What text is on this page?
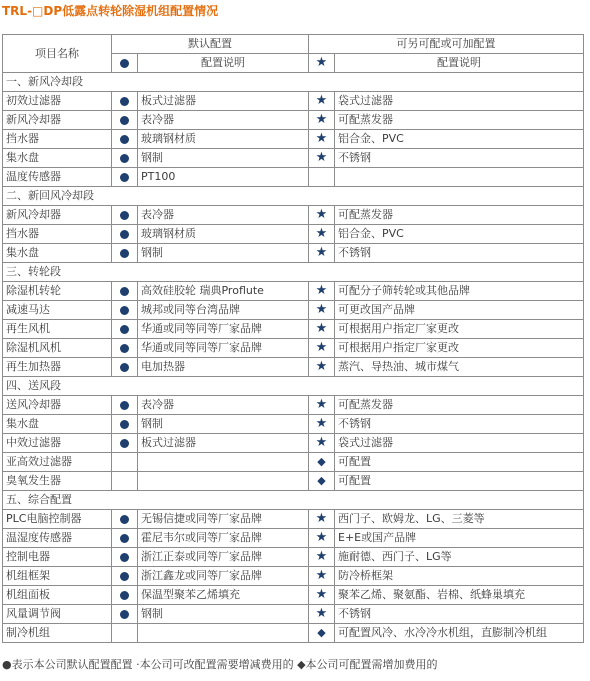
TRL-□DP低露点转轮除湿机组配置情况
项目名称	默认配置		可另可配或可加配置	
		配置说明	★	配置说明
一、新风冷却段				
初效过滤器		板式过滤器	★	袋式过滤器
新风冷却器		表冷器	★	可配蒸发器
挡水器		玻璃钢材质	★	铝合金、PVC
集水盘		钢制	★	不锈钢
温度传感器		PT100		
二、新回风冷却段				
新风冷却器		表冷器	★	可配蒸发器
挡水器		玻璃钢材质	★	铝合金、PVC
集水盘		钢制	★	不锈钢
三、转轮段				
除湿机转轮		高效硅胶轮 瑞典Proflute	★	可配分子筛转轮或其他品牌
减速马达		城邦或同等台湾品牌	★	可更改国产品牌
再生风机		华通或同等同等厂家品牌	★	可根据用户指定厂家更改
除湿机风机		华通或同等同等厂家品牌	★	可根据用户指定厂家更改
再生加热器		电加热器	★	蒸汽、导热油、城市煤气
四、送风段				
送风冷却器		表冷器	★	可配蒸发器
集水盘		钢制	★	不锈钢
中效过滤器		板式过滤器	★	袋式过滤器
亚高效过滤器			◆	可配置
臭氧发生器			◆	可配置
五、综合配置				
PLC电脑控制器		无锡信捷或同等厂家品牌	★	西门子、欧姆龙、LG、三菱等
温湿度传感器		霍尼韦尔或同等厂家品牌	★	E+E或国产品牌
控制电器		浙江正泰或同等厂家品牌	★	施耐德、西门子、LG等
机组框架		浙江鑫龙或同等厂家品牌	★	防冷桥框架
机组面板		保温型聚苯乙烯填充	★	聚苯乙烯、聚氨酯、岩棉、纸蜂巢填充
风量调节阀		钢制	★	不锈钢
制冷机组			◆	可配置风冷、水冷冷水机组，直膨制冷机组
●表示本公司默认配置配置 ·本公司可改配置需要增减费用的 ◆本公司可配置需增加费用的
